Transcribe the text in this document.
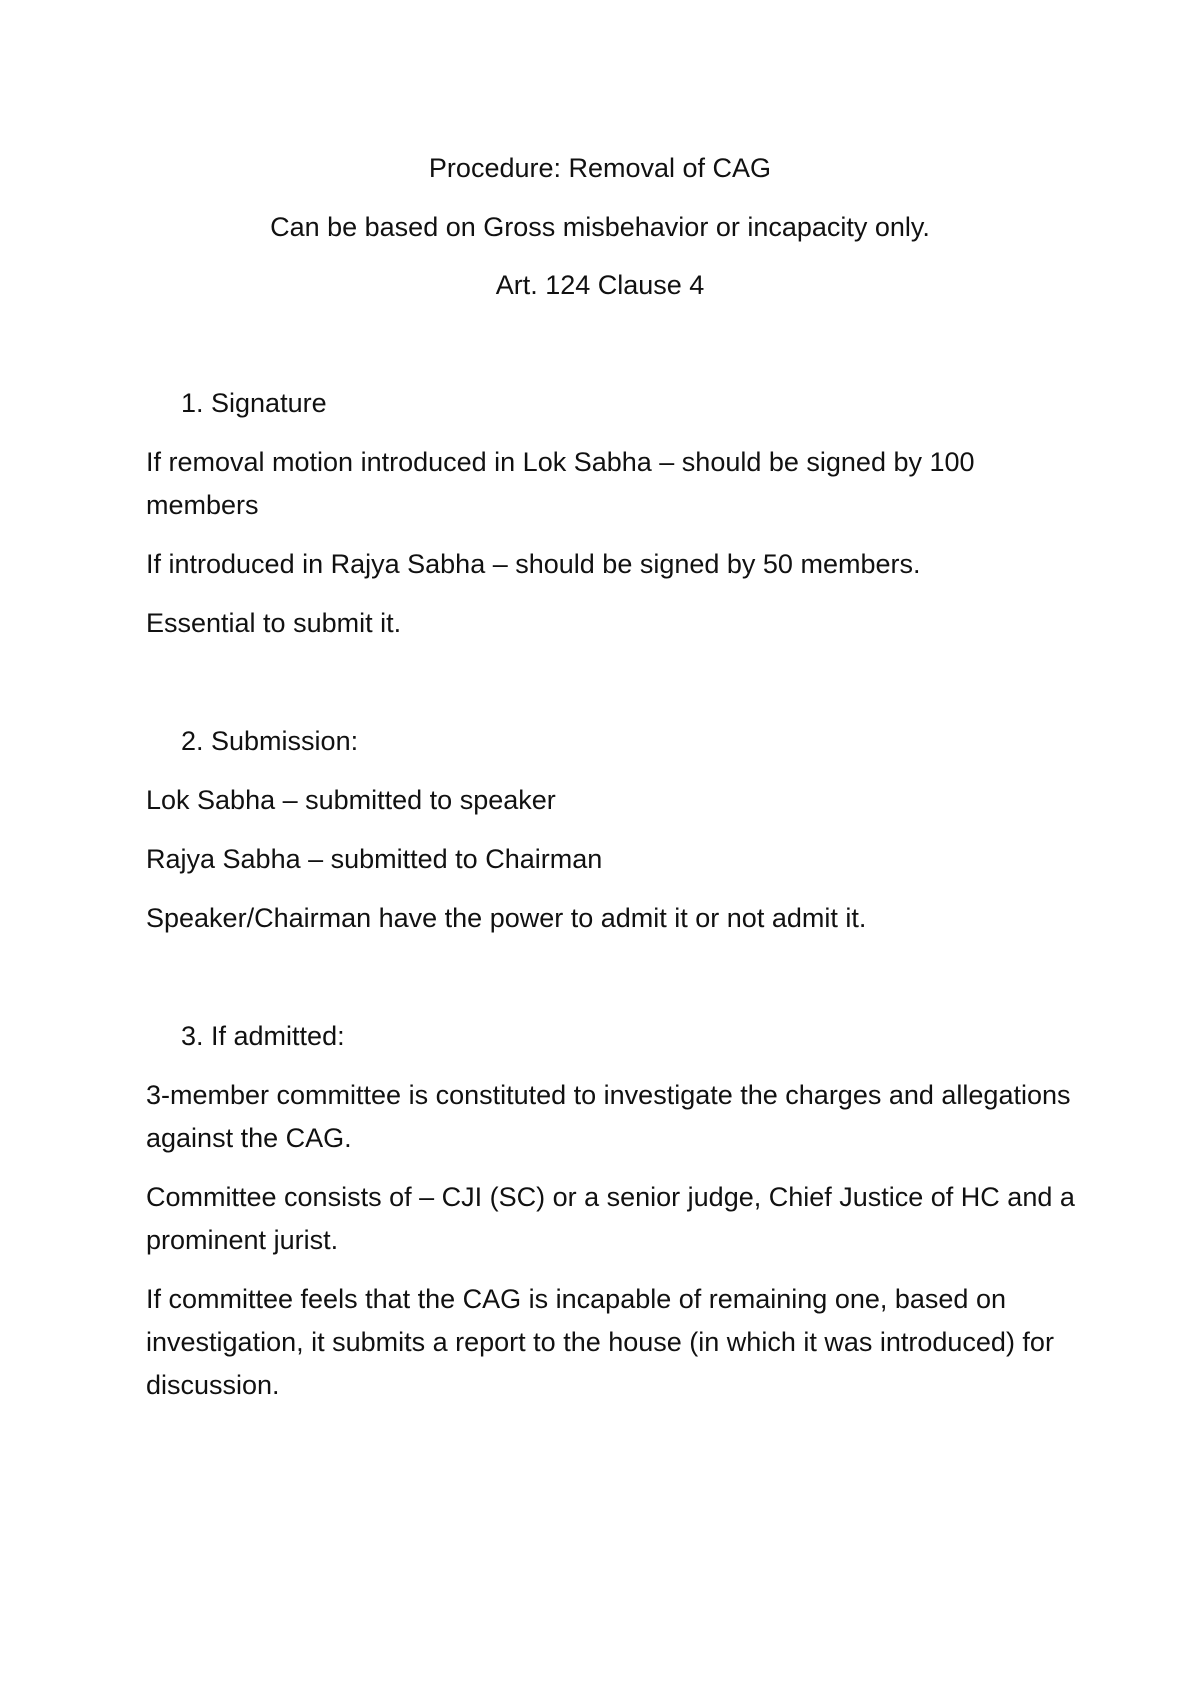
Procedure: Removal of CAG

Can be based on Gross misbehavior or incapacity only.

Art. 124 Clause 4

1. Signature

If removal motion introduced in Lok Sabha – should be signed by 100 members

If introduced in Rajya Sabha – should be signed by 50 members.

Essential to submit it.

2. Submission:

Lok Sabha – submitted to speaker

Rajya Sabha – submitted to Chairman

Speaker/Chairman have the power to admit it or not admit it.

3. If admitted:

3-member committee is constituted to investigate the charges and allegations against the CAG.

Committee consists of – CJI (SC) or a senior judge, Chief Justice of HC and a prominent jurist.

If committee feels that the CAG is incapable of remaining one, based on investigation, it submits a report to the house (in which it was introduced) for discussion.
